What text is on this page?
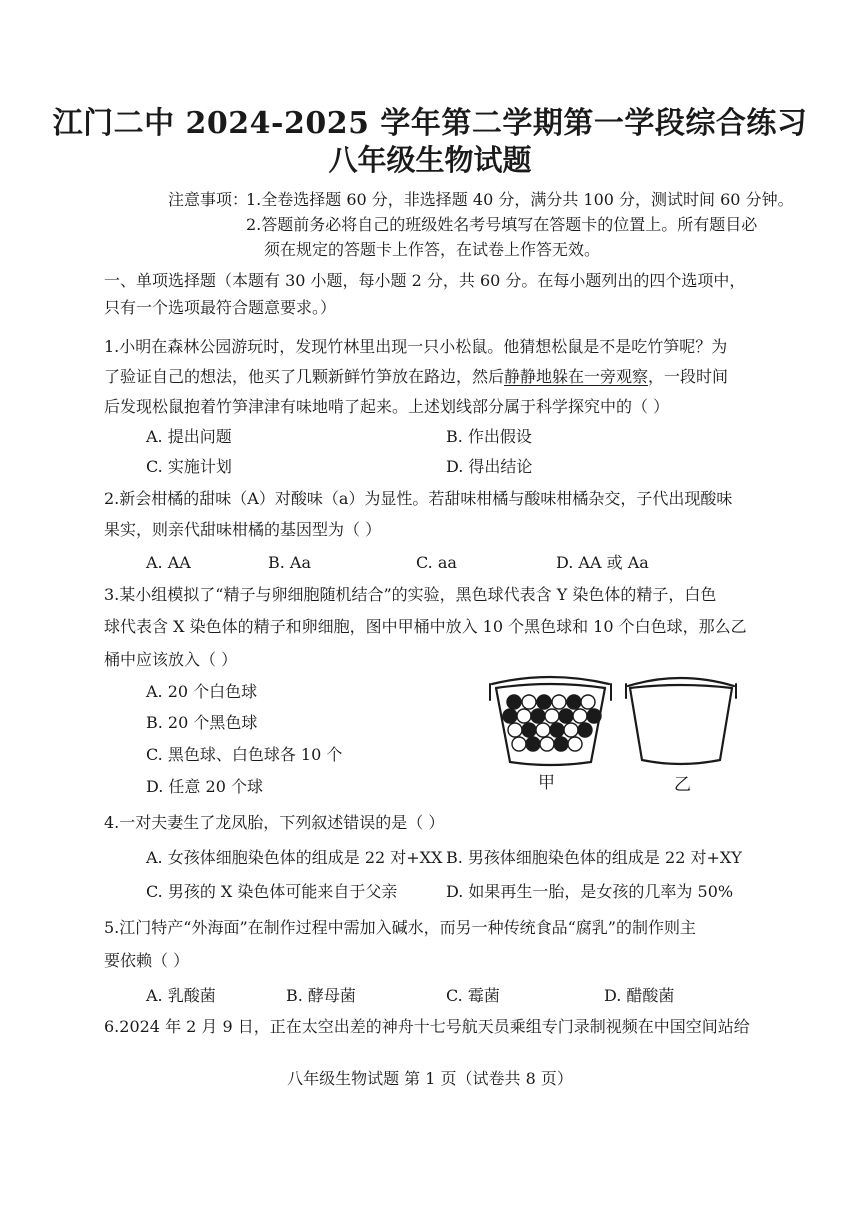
江门二中 2024-2025 学年第二学期第一学段综合练习
八年级生物试题
注意事项：
1.全卷选择题 60 分，非选择题 40 分，满分共 100 分，测试时间 60 分钟。
2.答题前务必将自己的班级姓名考号填写在答题卡的位置上。所有题目必
须在规定的答题卡上作答，在试卷上作答无效。
一、单项选择题（本题有 30 小题，每小题 2 分，共 60 分。在每小题列出的四个选项中，
只有一个选项最符合题意要求。）
1.小明在森林公园游玩时，发现竹林里出现一只小松鼠。他猜想松鼠是不是吃竹笋呢？为
了验证自己的想法，他买了几颗新鲜竹笋放在路边，然后静静地躲在一旁观察，一段时间
后发现松鼠抱着竹笋津津有味地啃了起来。上述划线部分属于科学探究中的（ ）
A. 提出问题	B. 作出假设
C. 实施计划	D. 得出结论
2.新会柑橘的甜味（A）对酸味（a）为显性。若甜味柑橘与酸味柑橘杂交，子代出现酸味
果实，则亲代甜味柑橘的基因型为（ ）
A. AA	B. Aa	C. aa	D. AA 或 Aa
3.某小组模拟了“精子与卵细胞随机结合”的实验，黑色球代表含 Y 染色体的精子，白色
球代表含 X 染色体的精子和卵细胞，图中甲桶中放入 10 个黑色球和 10 个白色球，那么乙
桶中应该放入（ ）
A. 20 个白色球
B. 20 个黑色球
C. 黑色球、白色球各 10 个
D. 任意 20 个球	甲	乙
4.一对夫妻生了龙凤胎，下列叙述错误的是（ ）
A. 女孩体细胞染色体的组成是 22 对+XX B. 男孩体细胞染色体的组成是 22 对+XY
C. 男孩的 X 染色体可能来自于父亲	D. 如果再生一胎，是女孩的几率为 50%
5.江门特产“外海面”在制作过程中需加入碱水，而另一种传统食品“腐乳”的制作则主
要依赖（ ）
A. 乳酸菌	B. 酵母菌	C. 霉菌	D. 醋酸菌
6.2024 年 2 月 9 日，正在太空出差的神舟十七号航天员乘组专门录制视频在中国空间站给
八年级生物试题 第 1 页（试卷共 8 页）
